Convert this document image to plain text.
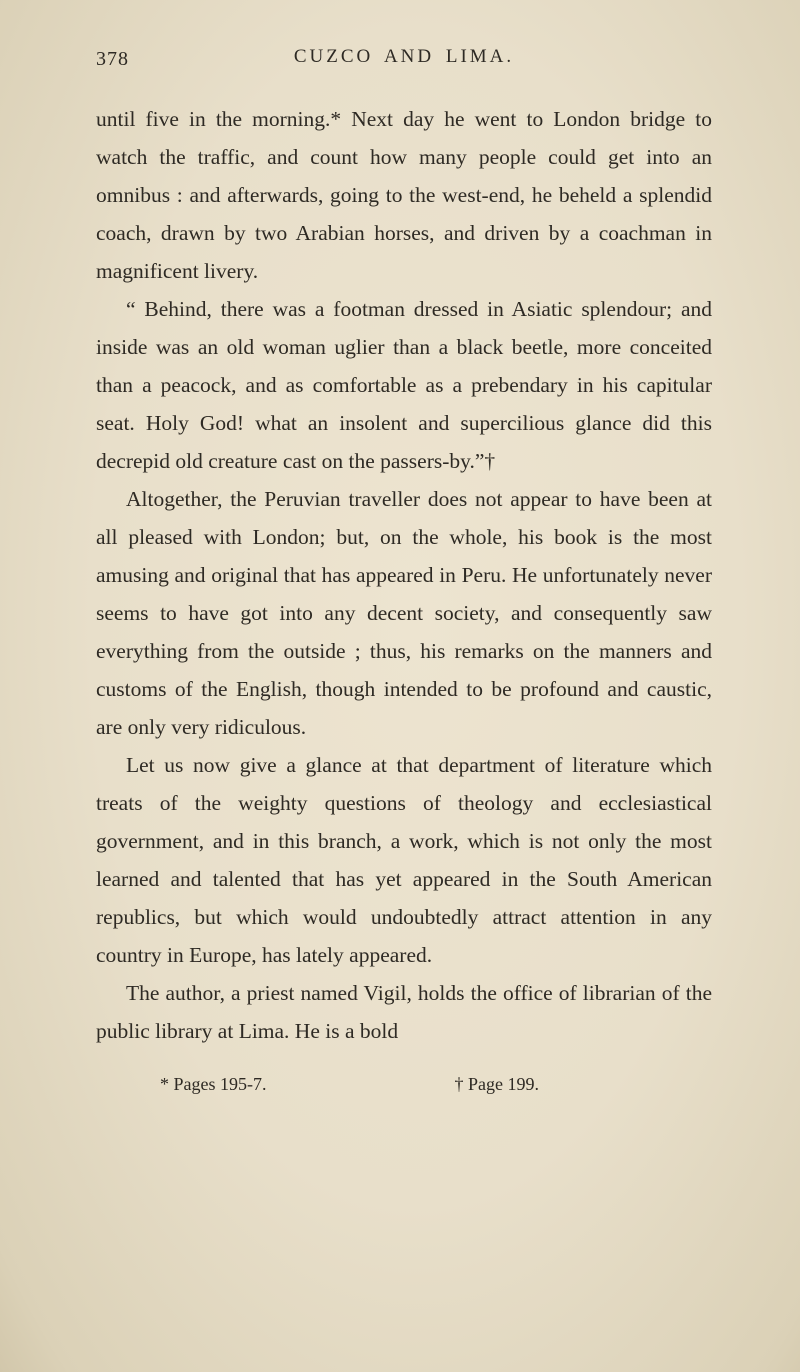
378	CUZCO AND LIMA.

until five in the morning.* Next day he went to London bridge to watch the traffic, and count how many people could get into an omnibus : and afterwards, going to the west-end, he beheld a splendid coach, drawn by two Arabian horses, and driven by a coachman in magnificent livery.

“ Behind, there was a footman dressed in Asiatic splendour; and inside was an old woman uglier than a black beetle, more conceited than a peacock, and as comfortable as a prebendary in his capitular seat. Holy God! what an insolent and supercilious glance did this decrepid old creature cast on the passers-by.”†

Altogether, the Peruvian traveller does not appear to have been at all pleased with London; but, on the whole, his book is the most amusing and original that has appeared in Peru. He unfortunately never seems to have got into any decent society, and consequently saw everything from the outside ; thus, his remarks on the manners and customs of the English, though intended to be profound and caustic, are only very ridiculous.

Let us now give a glance at that department of literature which treats of the weighty questions of theology and ecclesiastical government, and in this branch, a work, which is not only the most learned and talented that has yet appeared in the South American republics, but which would undoubtedly attract attention in any country in Europe, has lately appeared.

The author, a priest named Vigil, holds the office of librarian of the public library at Lima. He is a bold

* Pages 195-7.	† Page 199.
